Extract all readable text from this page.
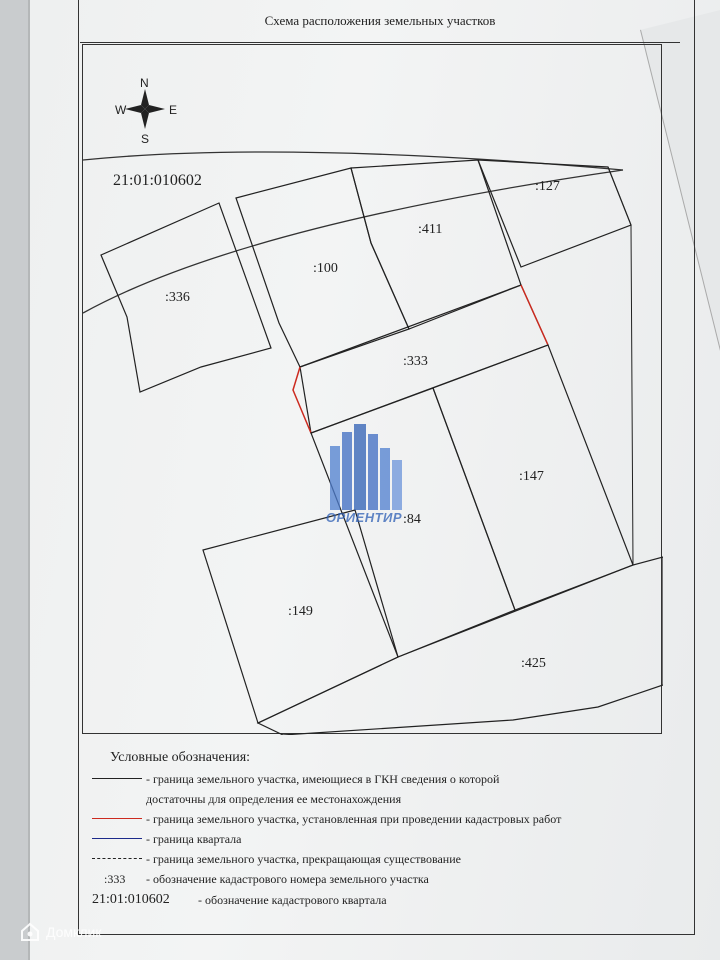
Схема расположения земельных участков
N
S
W	E
21:01:010602
:336
:100
:411
:127
:333
:84
:147
:149
:425
ОРИЕНТИР
Условные обозначения:
- граница земельного участка, имеющиеся в ГКН сведения о которой
достаточны для определения ее местонахождения
- граница земельного участка, установленная при проведении кадастровых работ
- граница квартала
- граница земельного участка, прекращающая существование
:333 - обозначение кадастрового номера земельного участка
21:01:010602 - обозначение кадастрового квартала
Домклик
